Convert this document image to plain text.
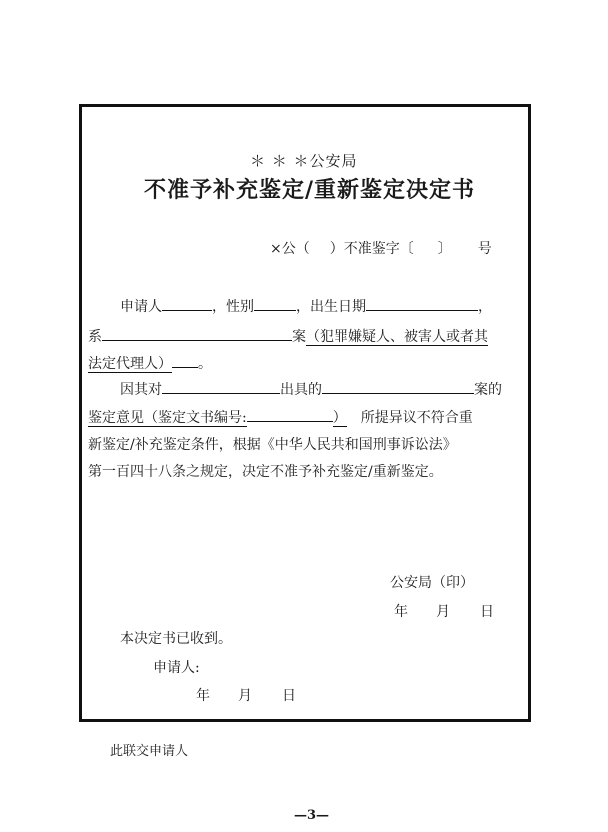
＊ ＊ ＊公安局
不准予补充鉴定/重新鉴定决定书
×公（ ）不准鉴字〔 〕 号
申请人	，性别	，出生日期	，
系	案（犯罪嫌疑人、被害人或者其
法定代理人） 。
因其对	出具的	案的
鉴定意见（鉴定文书编号:	） 所提异议不符合重
新鉴定/补充鉴定条件，根据《中华人民共和国刑事诉讼法》
第一百四十八条之规定，决定不准予补充鉴定/重新鉴定。
公安局（印）
年 月 日
本决定书已收到。
申请人:
年 月 日
此联交申请人
—3—
